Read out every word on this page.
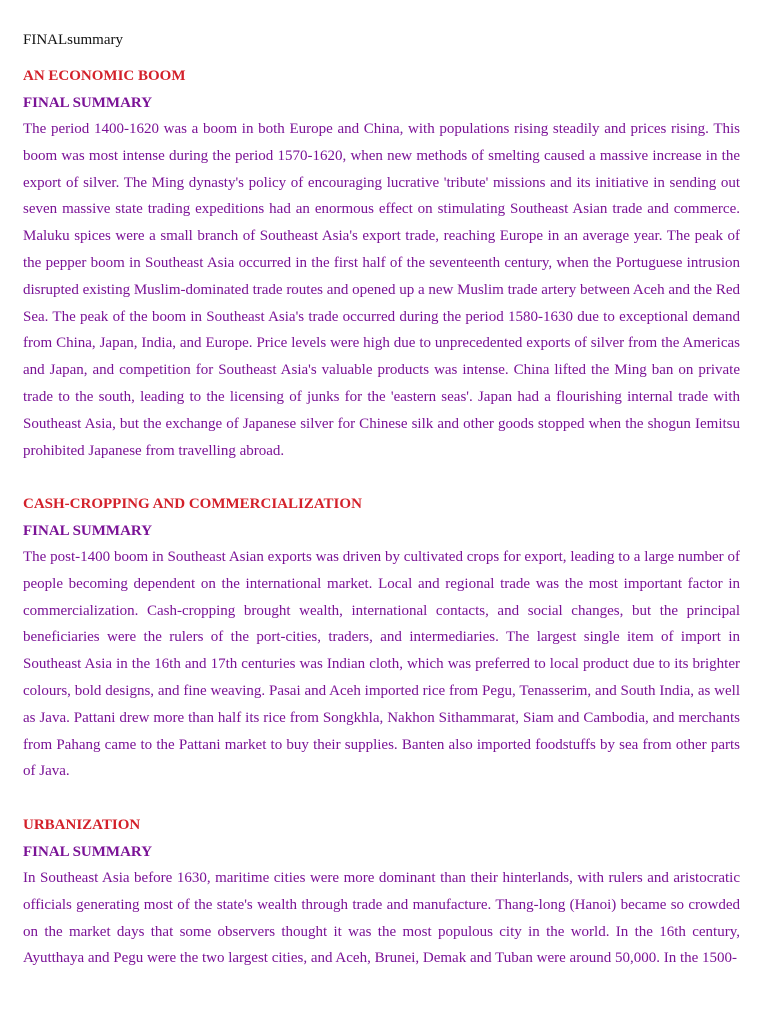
FINALsummary

AN ECONOMIC BOOM
FINAL SUMMARY

The period 1400-1620 was a boom in both Europe and China, with populations rising steadily and prices rising. This boom was most intense during the period 1570-1620, when new methods of smelting caused a massive increase in the export of silver. The Ming dynasty's policy of encouraging lucrative 'tribute' missions and its initiative in sending out seven massive state trading expeditions had an enormous effect on stimulating Southeast Asian trade and commerce. Maluku spices were a small branch of Southeast Asia's export trade, reaching Europe in an average year. The peak of the pepper boom in Southeast Asia occurred in the first half of the seventeenth century, when the Portuguese intrusion disrupted existing Muslim-dominated trade routes and opened up a new Muslim trade artery between Aceh and the Red Sea. The peak of the boom in Southeast Asia's trade occurred during the period 1580-1630 due to exceptional demand from China, Japan, India, and Europe. Price levels were high due to unprecedented exports of silver from the Americas and Japan, and competition for Southeast Asia's valuable products was intense. China lifted the Ming ban on private trade to the south, leading to the licensing of junks for the 'eastern seas'. Japan had a flourishing internal trade with Southeast Asia, but the exchange of Japanese silver for Chinese silk and other goods stopped when the shogun Iemitsu prohibited Japanese from travelling abroad.

CASH-CROPPING AND COMMERCIALIZATION
FINAL SUMMARY

The post-1400 boom in Southeast Asian exports was driven by cultivated crops for export, leading to a large number of people becoming dependent on the international market. Local and regional trade was the most important factor in commercialization. Cash-cropping brought wealth, international contacts, and social changes, but the principal beneficiaries were the rulers of the port-cities, traders, and intermediaries. The largest single item of import in Southeast Asia in the 16th and 17th centuries was Indian cloth, which was preferred to local product due to its brighter colours, bold designs, and fine weaving. Pasai and Aceh imported rice from Pegu, Tenasserim, and South India, as well as Java. Pattani drew more than half its rice from Songkhla, Nakhon Sithammarat, Siam and Cambodia, and merchants from Pahang came to the Pattani market to buy their supplies. Banten also imported foodstuffs by sea from other parts of Java.

URBANIZATION
FINAL SUMMARY

In Southeast Asia before 1630, maritime cities were more dominant than their hinterlands, with rulers and aristocratic officials generating most of the state's wealth through trade and manufacture. Thang-long (Hanoi) became so crowded on the market days that some observers thought it was the most populous city in the world. In the 16th century, Ayutthaya and Pegu were the two largest cities, and Aceh, Brunei, Demak and Tuban were around 50,000. In the 1500-
